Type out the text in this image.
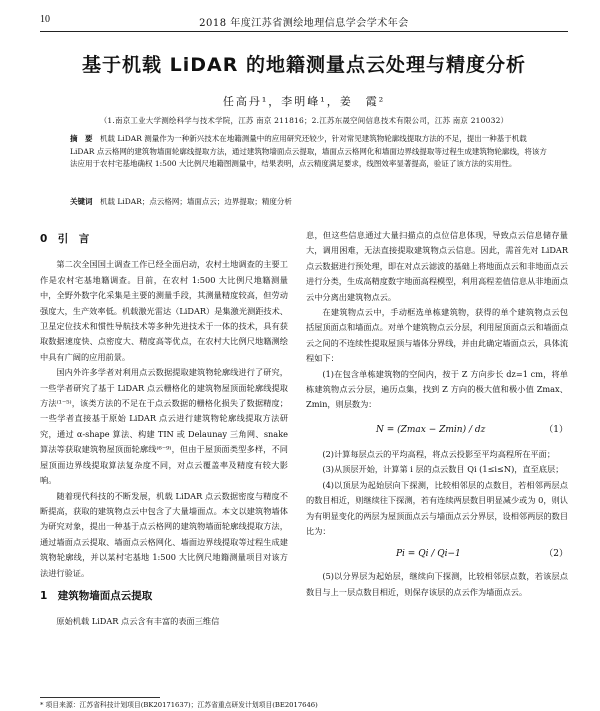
10	2018 年度江苏省测绘地理信息学会学术年会
基于机载 LiDAR 的地籍测量点云处理与精度分析
任高丹¹，李明峰¹，姜　霞²
（1.南京工业大学测绘科学与技术学院，江苏 南京 211816；2.江苏东晟空间信息技术有限公司，江苏 南京 210032）
摘　要　 机载 LiDAR 测量作为一种新兴技术在地籍测量中的应用研究还较少，针对常见建筑物轮廓线提取方法的不足，提出一种基于机载 LiDAR 点云格网的建筑物墙面轮廓线提取方法，通过建筑物墙面点云提取，墙面点云格网化和墙面边界线提取等过程生成建筑物轮廓线，将该方法应用于农村宅基地确权 1:500 大比例尺地籍图测量中，结果表明，点云精度满足要求，线图效率显著提高，验证了该方法的实用性。
关键词　 机载 LiDAR；点云格网；墙面点云；边界提取；精度分析
0　引　言

第二次全国国土调查工作已经全面启动，农村土地调查的主要工作是农村宅基地籍调查。目前，在农村 1:500 大比例尺地籍测量中，全野外数字化采集是主要的测量手段，其测量精度较高，但劳动强度大，生产效率低。机载激光雷达（LiDAR）是集激光测距技术、卫星定位技术和惯性导航技术等多种先进技术于一体的技术，具有获取数据速度快、点密度大、精度高等优点，在农村大比例尺地籍测绘中具有广阔的应用前景。

国内外许多学者对利用点云数据提取建筑物轮廓线进行了研究，一些学者研究了基于 LiDAR 点云栅格化的建筑物屋顶面轮廓线提取方法⁽¹⁻⁵⁾，该类方法的不足在于点云数据的栅格化损失了数据精度；一些学者直接基于原始 LiDAR 点云进行建筑物轮廓线提取方法研究，通过 α-shape 算法、构建 TIN 或 Delaunay 三角网、snake 算法等获取建筑物屋顶面轮廓线⁽⁶⁻⁹⁾，但由于屋顶面类型多样，不同屋顶面边界线提取算法复杂度不同，对点云覆盖率及精度有较大影响。

随着现代科技的不断发展，机载 LiDAR 点云数据密度与精度不断提高，获取的建筑物点云中包含了大量墙面点。本文以建筑物墙体为研究对象，提出一种基于点云格网的建筑物墙面轮廓线提取方法，通过墙面点云提取、墙面点云格网化、墙面边界线提取等过程生成建筑物轮廓线，并以某村宅基地 1:500 大比例尺地籍测量项目对该方法进行验证。

1　建筑物墙面点云提取

原始机载 LiDAR 点云含有丰富的表面三维信

息，但这些信息通过大量扫描点的点位信息体现，导致点云信息储存量大，调用困难，无法直接提取建筑物点云信息。因此，需首先对 LiDAR 点云数据进行预处理，即在对点云滤波的基础上将地面点云和非地面点云进行分类，生成高精度数字地面高程模型，利用高程差值信息从非地面点云中分离出建筑物点云。

在建筑物点云中，手动框选单栋建筑物，获得的单个建筑物点云包括屋顶面点和墙面点。对单个建筑物点云分层，利用屋顶面点云和墙面点云之间的不连续性提取屋顶与墙体分界线，并由此确定墙面点云，具体流程如下：

(1)在包含单栋建筑物的空间内，按于 Z 方向步长 dz=1 cm，将单栋建筑物点云分层，遍历点集，找到 Z 方向的极大值和极小值 Zmax、Zmin，则层数为：

N = (Zmax − Zmin) / dz	（1）

(2)计算每层点云的平均高程，将点云投影至平均高程所在平面；

(3)从顶层开始，计算第 i 层的点云数目 Qi (1≤i≤N)，直至底层；

(4)以顶层为起始层向下探测，比较相邻层的点数目，若相邻两层点的数目相近，则继续往下探测，若有连续两层数目明显减少或为 0，则认为有明显变化的两层为屋顶面点云与墙面点云分界层，设相邻两层的数目比为：

Pi = Qi / Qi−1	（2）

(5)以分界层为起始层，继续向下探测，比较相邻层点数，若该层点数目与上一层点数目相近，则保存该层的点云作为墙面点云。

* 项目来源：江苏省科技计划项目(BK20171637)；江苏省重点研发计划项目(BE2017646)
